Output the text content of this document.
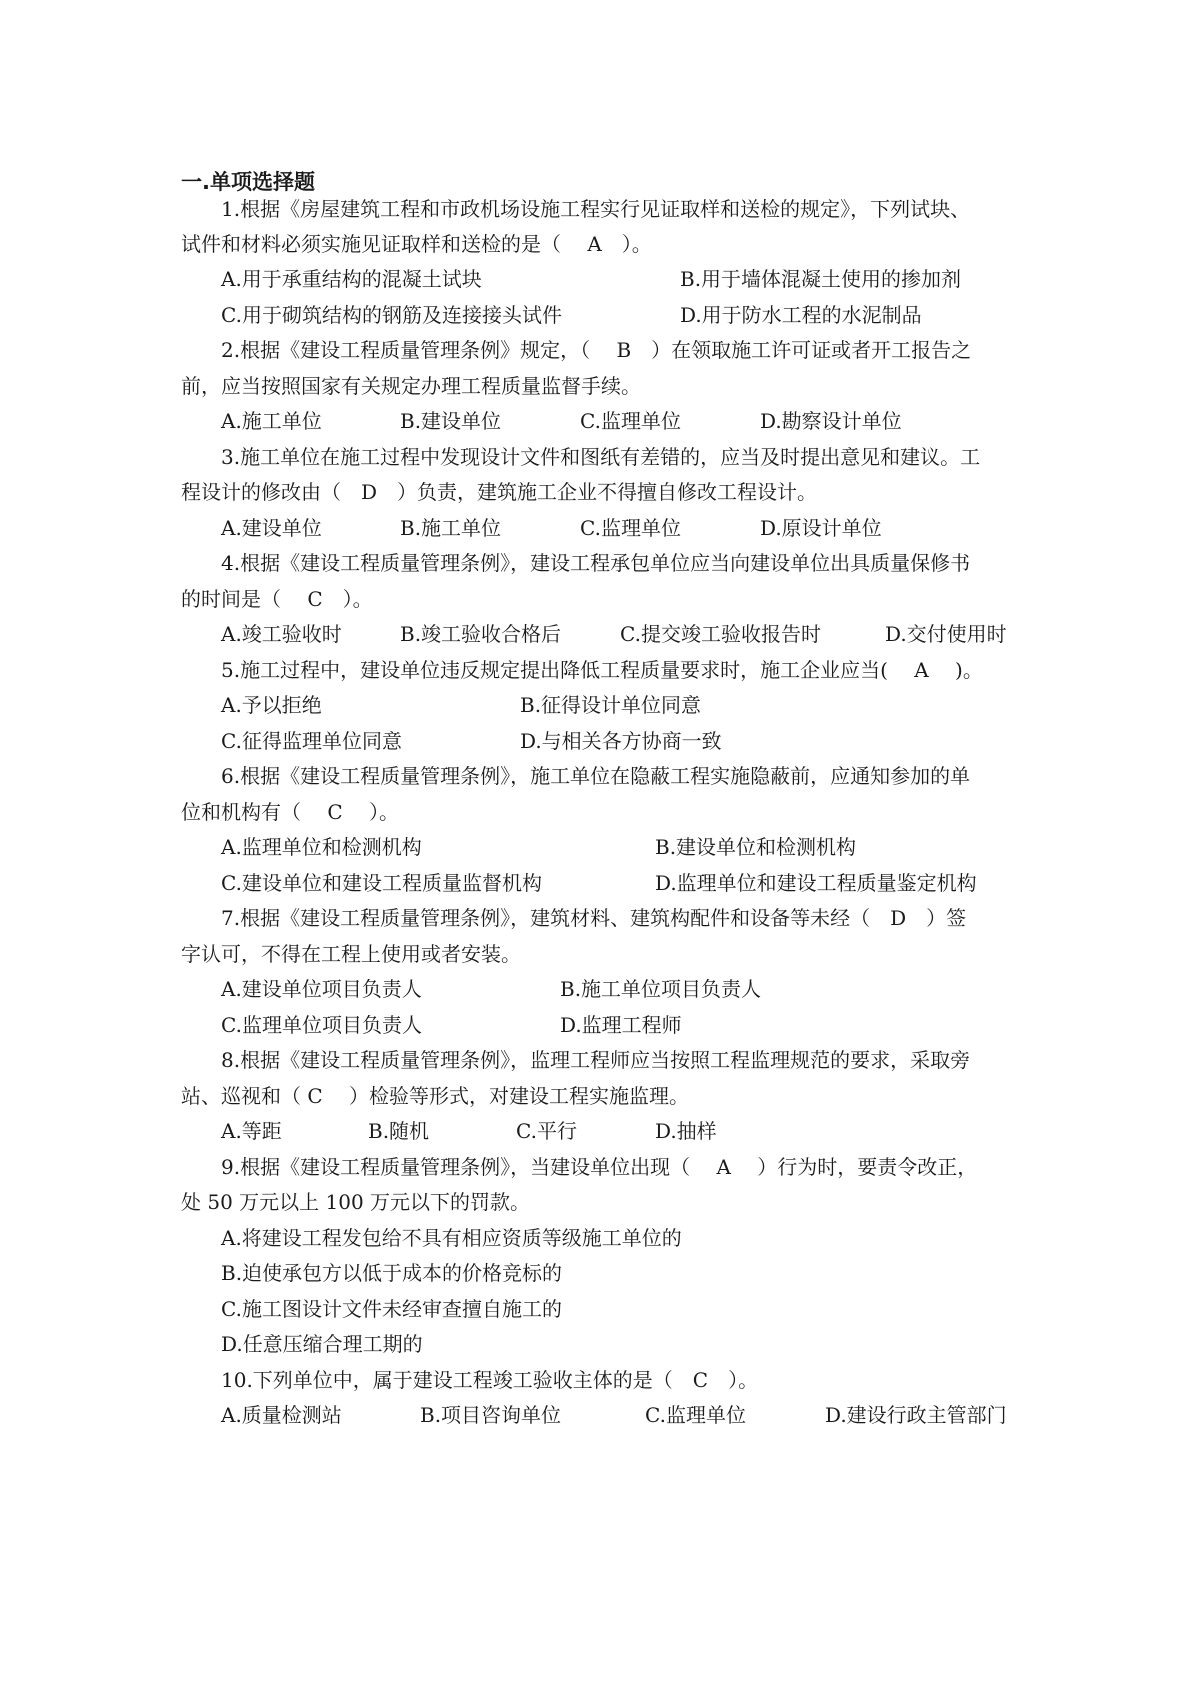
一.单项选择题
1.根据《房屋建筑工程和市政机场设施工程实行见证取样和送检的规定》，下列试块、
试件和材料必须实施见证取样和送检的是（　 A　）。
A.用于承重结构的混凝土试块	B.用于墙体混凝土使用的掺加剂
C.用于砌筑结构的钢筋及连接接头试件	D.用于防水工程的水泥制品
2.根据《建设工程质量管理条例》规定，（　 B　）在领取施工许可证或者开工报告之
前，应当按照国家有关规定办理工程质量监督手续。
A.施工单位	B.建设单位	C.监理单位	D.勘察设计单位
3.施工单位在施工过程中发现设计文件和图纸有差错的，应当及时提出意见和建议。工
程设计的修改由（　D　）负责，建筑施工企业不得擅自修改工程设计。
A.建设单位	B.施工单位	C.监理单位	D.原设计单位
4.根据《建设工程质量管理条例》，建设工程承包单位应当向建设单位出具质量保修书
的时间是（　 C　）。
A.竣工验收时	B.竣工验收合格后	C.提交竣工验收报告时	D.交付使用时
5.施工过程中，建设单位违反规定提出降低工程质量要求时，施工企业应当(　 A　 )。
A.予以拒绝	B.征得设计单位同意
C.征得监理单位同意	D.与相关各方协商一致
6.根据《建设工程质量管理条例》，施工单位在隐蔽工程实施隐蔽前，应通知参加的单
位和机构有（　 C　 ）。
A.监理单位和检测机构	B.建设单位和检测机构
C.建设单位和建设工程质量监督机构	D.监理单位和建设工程质量鉴定机构
7.根据《建设工程质量管理条例》，建筑材料、建筑构配件和设备等未经（　D　）签
字认可，不得在工程上使用或者安装。
A.建设单位项目负责人	B.施工单位项目负责人
C.监理单位项目负责人	D.监理工程师
8.根据《建设工程质量管理条例》，监理工程师应当按照工程监理规范的要求，采取旁
站、巡视和（ C　 ）检验等形式，对建设工程实施监理。
A.等距	B.随机	C.平行	D.抽样
9.根据《建设工程质量管理条例》，当建设单位出现（　 A　 ）行为时，要责令改正，
处 50 万元以上 100 万元以下的罚款。
A.将建设工程发包给不具有相应资质等级施工单位的
B.迫使承包方以低于成本的价格竞标的
C.施工图设计文件未经审查擅自施工的
D.任意压缩合理工期的
10.下列单位中，属于建设工程竣工验收主体的是（　C　）。
A.质量检测站	B.项目咨询单位	C.监理单位	D.建设行政主管部门
